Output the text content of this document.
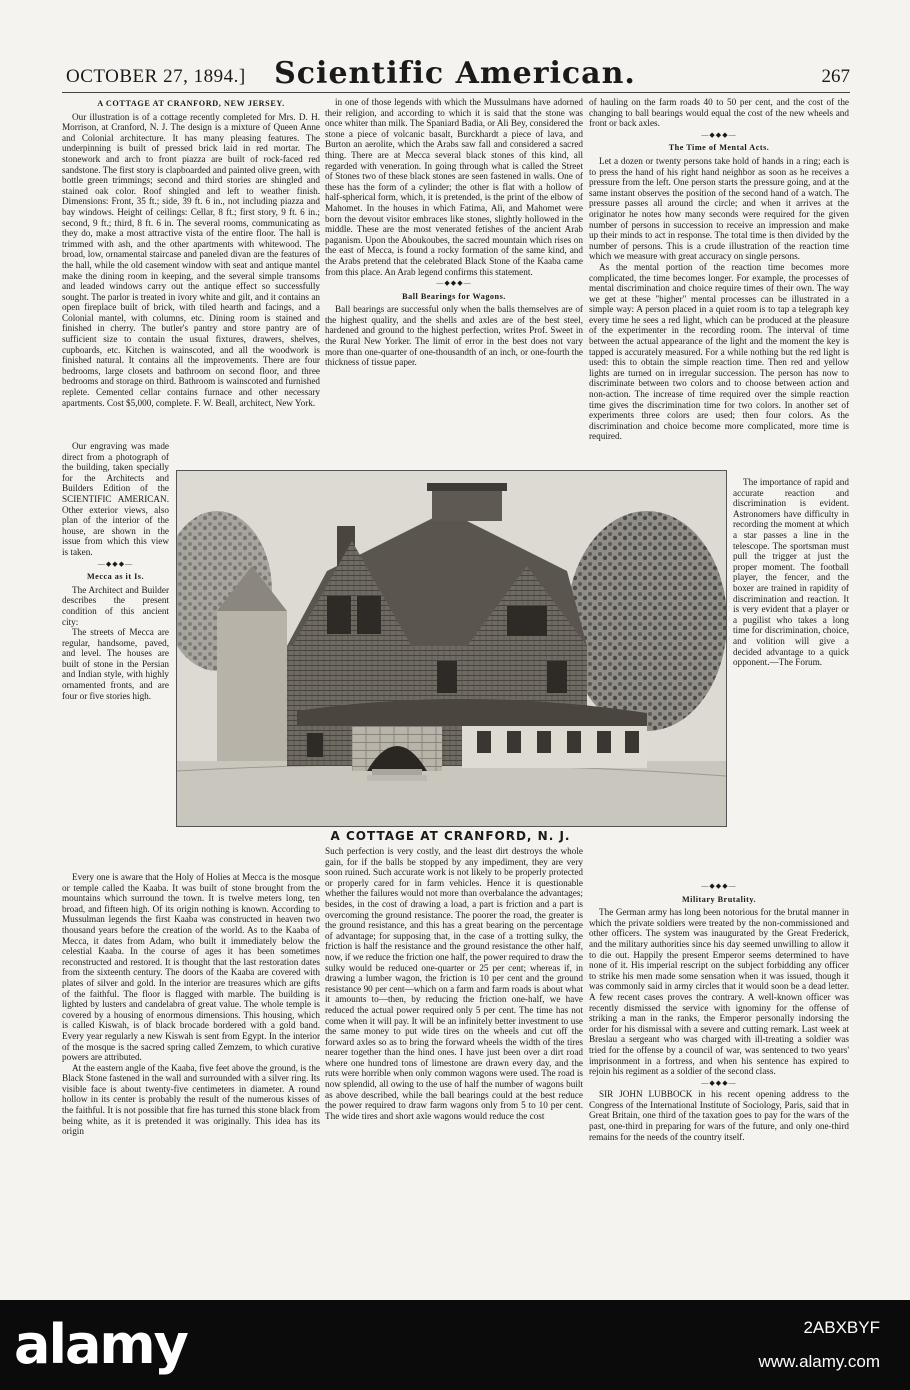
OCTOBER 27, 1894.] Scientific American.	267
A COTTAGE AT CRANFORD, NEW JERSEY.

Our illustration is of a cottage recently completed for Mrs. D. H. Morrison, at Cranford, N. J. The design is a mixture of Queen Anne and Colonial architecture. It has many pleasing features. The underpinning is built of pressed brick laid in red mortar. The stonework and arch to front piazza are built of rock-faced red sandstone. The first story is clapboarded and painted olive green, with bottle green trimmings; second and third stories are shingled and stained oak color. Roof shingled and left to weather finish. Dimensions: Front, 35 ft.; side, 39 ft. 6 in., not including piazza and bay windows. Height of ceilings: Cellar, 8 ft.; first story, 9 ft. 6 in.; second, 9 ft.; third, 8 ft. 6 in. The several rooms, communicating as they do, make a most attractive vista of the entire floor. The hall is trimmed with ash, and the other apartments with whitewood. The broad, low, ornamental staircase and paneled divan are the features of the hall, while the old casement window with seat and antique mantel make the dining room in keeping, and the several simple transoms and leaded windows carry out the antique effect so successfully sought. The parlor is treated in ivory white and gilt, and it contains an open fireplace built of brick, with tiled hearth and facings, and a Colonial mantel, with columns, etc. Dining room is stained and finished in cherry. The butler's pantry and store pantry are of sufficient size to contain the usual fixtures, drawers, shelves, cupboards, etc. Kitchen is wainscoted, and all the woodwork is finished natural. It contains all the improvements. There are four bedrooms, large closets and bathroom on second floor, and three bedrooms and storage on third. Bathroom is wainscoted and furnished replete. Cemented cellar contains furnace and other necessary apartments. Cost $5,000, complete. F. W. Beall, architect, New York.

Our engraving was made direct from a photograph of the building, taken specially for the Architects and Builders Edition of the SCIENTIFIC AMERICAN. Other exterior views, also plan of the interior of the house, are shown in the issue from which this view is taken.

—◆◆◆—
Mecca as it Is.

The Architect and Builder describes the present condition of this ancient city:

The streets of Mecca are regular, handsome, paved, and level. The houses are built of stone in the Persian and Indian style, with highly ornamented fronts, and are four or five stories high.

Every one is aware that the Holy of Holies at Mecca is the mosque or temple called the Kaaba. It was built of stone brought from the mountains which surround the town. It is twelve meters long, ten broad, and fifteen high. Of its origin nothing is known. According to Mussulman legends the first Kaaba was constructed in heaven two thousand years before the creation of the world. As to the Kaaba of Mecca, it dates from Adam, who built it immediately below the celestial Kaaba. In the course of ages it has been sometimes reconstructed and restored. It is thought that the last restoration dates from the sixteenth century. The doors of the Kaaba are covered with plates of silver and gold. In the interior are treasures which are gifts of the faithful. The floor is flagged with marble. The building is lighted by lusters and candelabra of great value. The whole temple is covered by a housing of enormous dimensions. This housing, which is called Kiswah, is of black brocade bordered with a gold band. Every year regularly a new Kiswah is sent from Egypt. In the interior of the mosque is the sacred spring called Zemzem, to which curative powers are attributed.

At the eastern angle of the Kaaba, five feet above the ground, is the Black Stone fastened in the wall and surrounded with a silver ring. Its visible face is about twenty-five centimeters in diameter. A round hollow in its center is probably the result of the numerous kisses of the faithful. It is not possible that fire has turned this stone black from being white, as it is pretended it was originally. This idea has its origin

in one of those legends with which the Mussulmans have adorned their religion, and according to which it is said that the stone was once whiter than milk. The Spaniard Badia, or Ali Bey, considered the stone a piece of volcanic basalt, Burckhardt a piece of lava, and Burton an aerolite, which the Arabs saw fall and considered a sacred thing. There are at Mecca several black stones of this kind, all regarded with veneration. In going through what is called the Street of Stones two of these black stones are seen fastened in walls. One of these has the form of a cylinder; the other is flat with a hollow of half-spherical form, which, it is pretended, is the print of the elbow of Mahomet. In the houses in which Fatima, Ali, and Mahomet were born the devout visitor embraces like stones, slightly hollowed in the middle. These are the most venerated fetishes of the ancient Arab paganism. Upon the Aboukoubes, the sacred mountain which rises on the east of Mecca, is found a rocky formation of the same kind, and the Arabs pretend that the celebrated Black Stone of the Kaaba came from this place. An Arab legend confirms this statement.

—◆◆◆—
Ball Bearings for Wagons.

Ball bearings are successful only when the balls themselves are of the highest quality, and the shells and axles are of the best steel, hardened and ground to the highest perfection, writes Prof. Sweet in the Rural New Yorker. The limit of error in the best does not vary more than one-quarter of one-thousandth of an inch, or one-fourth the thickness of tissue paper.

Such perfection is very costly, and the least dirt destroys the whole gain, for if the balls be stopped by any impediment, they are very soon ruined. Such accurate work is not likely to be properly protected or properly cared for in farm vehicles. Hence it is questionable whether the failures would not more than overbalance the advantages; besides, in the cost of drawing a load, a part is friction and a part is overcoming the ground resistance. The poorer the road, the greater is the ground resistance, and this has a great bearing on the percentage of advantage; for supposing that, in the case of a trotting sulky, the friction is half the resistance and the ground resistance the other half, now, if we reduce the friction one half, the power required to draw the sulky would be reduced one-quarter or 25 per cent; whereas if, in drawing a lumber wagon, the friction is 10 per cent and the ground resistance 90 per cent—which on a farm and farm roads is about what it amounts to—then, by reducing the friction one-half, we have reduced the actual power required only 5 per cent. The time has not come when it will pay. It will be an infinitely better investment to use the same money to put wide tires on the wheels and cut off the forward axles so as to bring the forward wheels the width of the tires nearer together than the hind ones. I have just been over a dirt road where one hundred tons of limestone are drawn every day, and the ruts were horrible when only common wagons were used. The road is now splendid, all owing to the use of half the number of wagons built as above described, while the ball bearings could at the best reduce the power required to draw farm wagons only from 5 to 10 per cent. The wide tires and short axle wagons would reduce the cost

of hauling on the farm roads 40 to 50 per cent, and the cost of the changing to ball bearings would equal the cost of the new wheels and front or back axles.

—◆◆◆—
The Time of Mental Acts.

Let a dozen or twenty persons take hold of hands in a ring; each is to press the hand of his right hand neighbor as soon as he receives a pressure from the left. One person starts the pressure going, and at the same instant observes the position of the second hand of a watch. The pressure passes all around the circle; and when it arrives at the originator he notes how many seconds were required for the given number of persons in succession to receive an impression and make up their minds to act in response. The total time is then divided by the number of persons. This is a crude illustration of the reaction time which we measure with great accuracy on single persons.

As the mental portion of the reaction time becomes more complicated, the time becomes longer. For example, the processes of mental discrimination and choice require times of their own. The way we get at these "higher" mental processes can be illustrated in a simple way: A person placed in a quiet room is to tap a telegraph key every time he sees a red light, which can be produced at the pleasure of the experimenter in the recording room. The interval of time between the actual appearance of the light and the moment the key is tapped is accurately measured. For a while nothing but the red light is used: this to obtain the simple reaction time. Then red and yellow lights are turned on in irregular succession. The person has now to discriminate between two colors and to choose between action and non-action. The increase of time required over the simple reaction time gives the discrimination time for two colors. In another set of experiments three colors are used; then four colors. As the discrimination and choice become more complicated, more time is required.

The importance of rapid and accurate reaction and discrimination is evident. Astronomers have difficulty in recording the moment at which a star passes a line in the telescope. The sportsman must pull the trigger at just the proper moment. The football player, the fencer, and the boxer are trained in rapidity of discrimination and reaction. It is very evident that a player or a pugilist who takes a long time for discrimination, choice, and volition will give a decided advantage to a quick opponent.—The Forum.

—◆◆◆—
Military Brutality.

The German army has long been notorious for the brutal manner in which the private soldiers were treated by the non-commissioned and other officers. The system was inaugurated by the Great Frederick, and the military authorities since his day seemed unwilling to allow it to die out. Happily the present Emperor seems determined to have none of it. His imperial rescript on the subject forbidding any officer to strike his men made some sensation when it was issued, though it was commonly said in army circles that it would soon be a dead letter. A few recent cases proves the contrary. A well-known officer was recently dismissed the service with ignominy for the offense of striking a man in the ranks, the Emperor personally indorsing the order for his dismissal with a severe and cutting remark. Last week at Breslau a sergeant who was charged with ill-treating a soldier was tried for the offense by a council of war, was sentenced to two years' imprisonment in a fortress, and when his sentence has expired to rejoin his regiment as a soldier of the second class.

—◆◆◆—

SIR JOHN LUBBOCK in his recent opening address to the Congress of the International Institute of Sociology, Paris, said that in Great Britain, one third of the taxation goes to pay for the wars of the past, one-third in preparing for wars of the future, and only one-third remains for the needs of the country itself.

A COTTAGE AT CRANFORD, N. J.
alamy	2ABXBYF
www.alamy.com
